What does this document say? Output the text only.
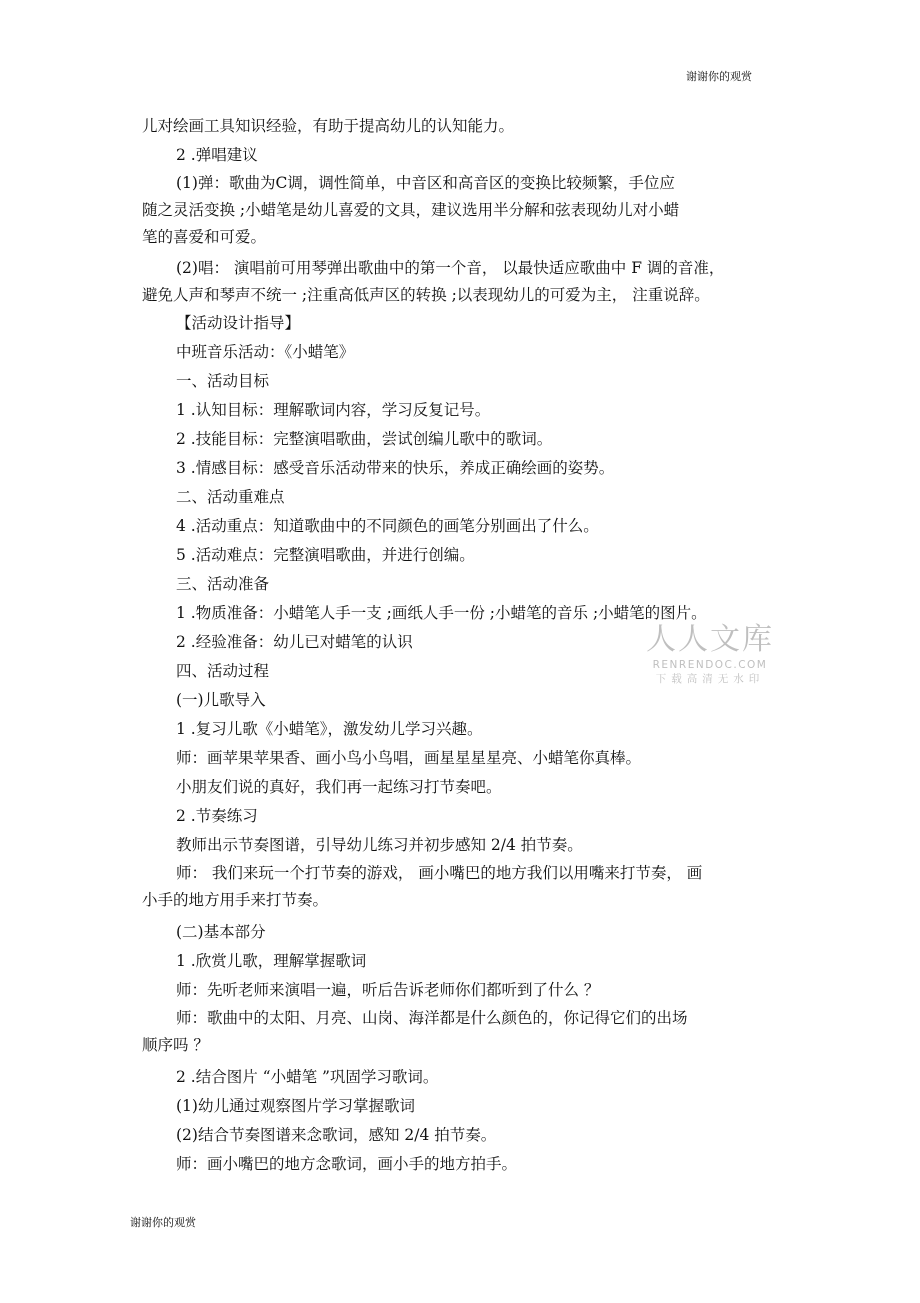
谢谢你的观赏
儿对绘画工具知识经验，有助于提高幼儿的认知能力。
2 .弹唱建议
(1)弹：歌曲为C调，调性简单，中音区和高音区的变换比较频繁，手位应
随之灵活变换 ;小蜡笔是幼儿喜爱的文具，建议选用半分解和弦表现幼儿对小蜡
笔的喜爱和可爱。
(2)唱： 演唱前可用琴弹出歌曲中的第一个音， 以最快适应歌曲中 F 调的音准，
避免人声和琴声不统一 ;注重高低声区的转换 ;以表现幼儿的可爱为主， 注重说辞。
【活动设计指导】
中班音乐活动：《小蜡笔》
一、活动目标
1 .认知目标：理解歌词内容，学习反复记号。
2 .技能目标：完整演唱歌曲，尝试创编儿歌中的歌词。
3 .情感目标：感受音乐活动带来的快乐，养成正确绘画的姿势。
二、活动重难点
4 .活动重点：知道歌曲中的不同颜色的画笔分别画出了什么。
5 .活动难点：完整演唱歌曲，并进行创编。
三、活动准备
1 .物质准备：小蜡笔人手一支 ;画纸人手一份 ;小蜡笔的音乐 ;小蜡笔的图片。
2 .经验准备：幼儿已对蜡笔的认识
四、活动过程
(一)儿歌导入
1 .复习儿歌《小蜡笔》，激发幼儿学习兴趣。
师：画苹果苹果香、画小鸟小鸟唱，画星星星星亮、小蜡笔你真棒。
小朋友们说的真好，我们再一起练习打节奏吧。
2 .节奏练习
教师出示节奏图谱，引导幼儿练习并初步感知 2/4 拍节奏。
师： 我们来玩一个打节奏的游戏， 画小嘴巴的地方我们以用嘴来打节奏， 画
小手的地方用手来打节奏。
(二)基本部分
1 .欣赏儿歌，理解掌握歌词
师：先听老师来演唱一遍，听后告诉老师你们都听到了什么 ？
师：歌曲中的太阳、月亮、山岗、海洋都是什么颜色的，你记得它们的出场
顺序吗 ？
2 .结合图片 “小蜡笔 ”巩固学习歌词。
(1)幼儿通过观察图片学习掌握歌词
(2)结合节奏图谱来念歌词，感知 2/4 拍节奏。
师：画小嘴巴的地方念歌词，画小手的地方拍手。
人人文库
RENRENDOC.COM
下载高清无水印
谢谢你的观赏
